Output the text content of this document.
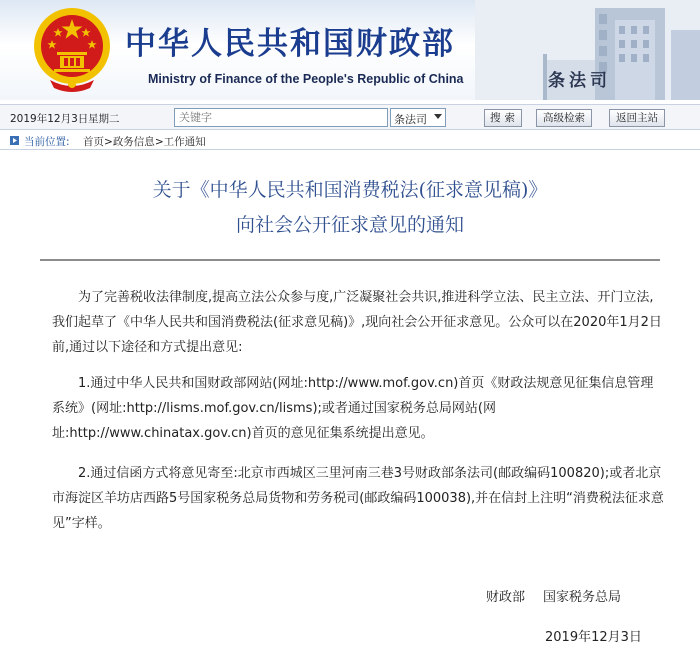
中华人民共和国财政部
Ministry of Finance of the People's Republic of China	条法司
2019年12月3日 星期二
关键字	条法司	搜索	高级检索	返回主站
当前位置: 首页>政务信息>工作通知
关于《中华人民共和国消费税法(征求意见稿)》
向社会公开征求意见的通知
为了完善税收法律制度,提高立法公众参与度,广泛凝聚社会共识,推进科学立法、民主立法、开门立法,我们起草了《中华人民共和国消费税法(征求意见稿)》,现向社会公开征求意见。公众可以在2020年1月2日前,通过以下途径和方式提出意见:
1.通过中华人民共和国财政部网站(网址:http://www.mof.gov.cn)首页《财政法规意见征集信息管理系统》(网址:http://lisms.mof.gov.cn/lisms);或者通过国家税务总局网站(网址:http://www.chinatax.gov.cn)首页的意见征集系统提出意见。
2.通过信函方式将意见寄至:北京市西城区三里河南三巷3号财政部条法司(邮政编码100820);或者北京市海淀区羊坊店西路5号国家税务总局货物和劳务税司(邮政编码100038),并在信封上注明“消费税法征求意见”字样。
财政部 国家税务总局
2019年12月3日
